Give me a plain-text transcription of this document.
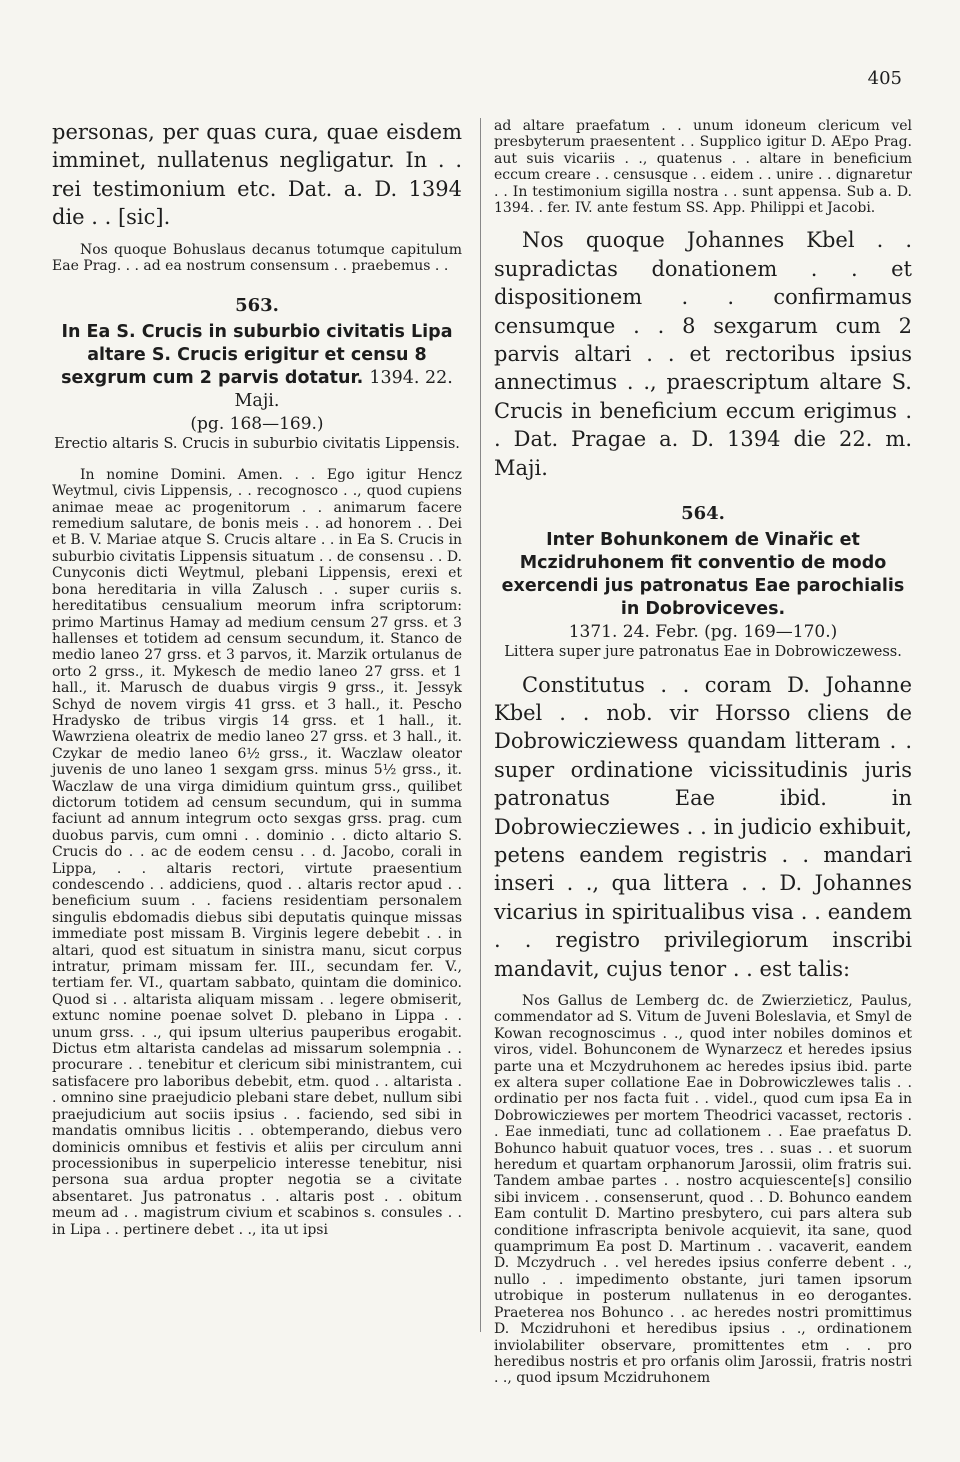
405

personas, per quas cura, quae eisdem imminet, nullatenus negligatur. In . . rei testimonium etc. Dat. a. D. 1394 die . . [sic].

Nos quoque Bohuslaus decanus totumque capitulum Eae Prag. . . ad ea nostrum consensum . . praebemus . .

563.

In Ea S. Crucis in suburbio civitatis Lipa altare S. Crucis erigitur et censu 8 sexgrum cum 2 parvis dotatur. 1394. 22. Maji.

(pg. 168—169.)

Erectio altaris S. Crucis in suburbio civitatis Lippensis.

In nomine Domini. Amen. . . Ego igitur Hencz Weytmul, civis Lippensis, . . recognosco . ., quod cupiens animae meae ac progenitorum . . animarum facere remedium salutare, de bonis meis . . ad honorem . . Dei et B. V. Mariae atque S. Crucis altare . . in Ea S. Crucis in suburbio civitatis Lippensis situatum . . de consensu . . D. Cunyconis dicti Weytmul, plebani Lippensis, erexi et bona hereditaria in villa Zalusch . . super curiis s. hereditatibus censualium meorum infra scriptorum: primo Martinus Hamay ad medium censum 27 grss. et 3 hallenses et totidem ad censum secundum, it. Stanco de medio laneo 27 grss. et 3 parvos, it. Marzik ortulanus de orto 2 grss., it. Mykesch de medio laneo 27 grss. et 1 hall., it. Marusch de duabus virgis 9 grss., it. Jessyk Schyd de novem virgis 41 grss. et 3 hall., it. Pescho Hradysko de tribus virgis 14 grss. et 1 hall., it. Wawrziena oleatrix de medio laneo 27 grss. et 3 hall., it. Czykar de medio laneo 6½ grss., it. Waczlaw oleator juvenis de uno laneo 1 sexgam grss. minus 5½ grss., it. Waczlaw de una virga dimidium quintum grss., quilibet dictorum totidem ad censum secundum, qui in summa faciunt ad annum integrum octo sexgas grss. prag. cum duobus parvis, cum omni . . dominio . . dicto altario S. Crucis do . . ac de eodem censu . . d. Jacobo, corali in Lippa, . . altaris rectori, virtute praesentium condescendo . . addiciens, quod . . altaris rector apud . . beneficium suum . . faciens residentiam personalem singulis ebdomadis diebus sibi deputatis quinque missas immediate post missam B. Virginis legere debebit . . in altari, quod est situatum in sinistra manu, sicut corpus intratur, primam missam fer. III., secundam fer. V., tertiam fer. VI., quartam sabbato, quintam die dominico. Quod si . . altarista aliquam missam . . legere obmiserit, extunc nomine poenae solvet D. plebano in Lippa . . unum grss. . ., qui ipsum ulterius pauperibus erogabit. Dictus etm altarista candelas ad missarum solempnia . . procurare . . tenebitur et clericum sibi ministrantem, cui satisfacere pro laboribus debebit, etm. quod . . altarista . . omnino sine praejudicio plebani stare debet, nullum sibi praejudicium aut sociis ipsius . . faciendo, sed sibi in mandatis omnibus licitis . . obtemperando, diebus vero dominicis omnibus et festivis et aliis per circulum anni processionibus in superpelicio interesse tenebitur, nisi persona sua ardua propter negotia se a civitate absentaret. Jus patronatus . . altaris post . . obitum meum ad . . magistrum civium et scabinos s. consules . . in Lipa . . pertinere debet . ., ita ut ipsi

ad altare praefatum . . unum idoneum clericum vel presbyterum praesentent . . Supplico igitur D. AEpo Prag. aut suis vicariis . ., quatenus . . altare in beneficium eccum creare . . censusque . . eidem . . unire . . dignaretur . . In testimonium sigilla nostra . . sunt appensa. Sub a. D. 1394. . fer. IV. ante festum SS. App. Philippi et Jacobi.

Nos quoque Johannes Kbel . . supradictas donationem . . et dispositionem . . confirmamus censumque . . 8 sexgarum cum 2 parvis altari . . et rectoribus ipsius annectimus . ., praescriptum altare S. Crucis in beneficium eccum erigimus . . Dat. Pragae a. D. 1394 die 22. m. Maji.

564.

Inter Bohunkonem de Vinařic et Mczidruhonem fit conventio de modo exercendi jus patronatus Eae parochialis in Dobroviceves.

1371. 24. Febr. (pg. 169—170.)

Littera super jure patronatus Eae in Dobrowiczewess.

Constitutus . . coram D. Johanne Kbel . . nob. vir Horsso cliens de Dobrowicziewess quandam litteram . . super ordinatione vicissitudinis juris patronatus Eae ibid. in Dobrowiecziewes . . in judicio exhibuit, petens eandem registris . . mandari inseri . ., qua littera . . D. Johannes vicarius in spiritualibus visa . . eandem . . registro privilegiorum inscribi mandavit, cujus tenor . . est talis:

Nos Gallus de Lemberg dc. de Zwierzieticz, Paulus, commendator ad S. Vitum de Juveni Boleslavia, et Smyl de Kowan recognoscimus . ., quod inter nobiles dominos et viros, videl. Bohunconem de Wynarzecz et heredes ipsius parte una et Mczydruhonem ac heredes ipsius ibid. parte ex altera super collatione Eae in Dobrowiczlewes talis . . ordinatio per nos facta fuit . . videl., quod cum ipsa Ea in Dobrowicziewes per mortem Theodrici vacasset, rectoris . . Eae inmediati, tunc ad collationem . . Eae praefatus D. Bohunco habuit quatuor voces, tres . . suas . . et suorum heredum et quartam orphanorum Jarossii, olim fratris sui. Tandem ambae partes . . nostro acquiescente[s] consilio sibi invicem . . consenserunt, quod . . D. Bohunco eandem Eam contulit D. Martino presbytero, cui pars altera sub conditione infrascripta benivole acquievit, ita sane, quod quamprimum Ea post D. Martinum . . vacaverit, eandem D. Mczydruch . . vel heredes ipsius conferre debent . ., nullo . . impedimento obstante, juri tamen ipsorum utrobique in posterum nullatenus in eo derogantes. Praeterea nos Bohunco . . ac heredes nostri promittimus D. Mczidruhoni et heredibus ipsius . ., ordinationem inviolabiliter observare, promittentes etm . . pro heredibus nostris et pro orfanis olim Jarossii, fratris nostri . ., quod ipsum Mczidruhonem
